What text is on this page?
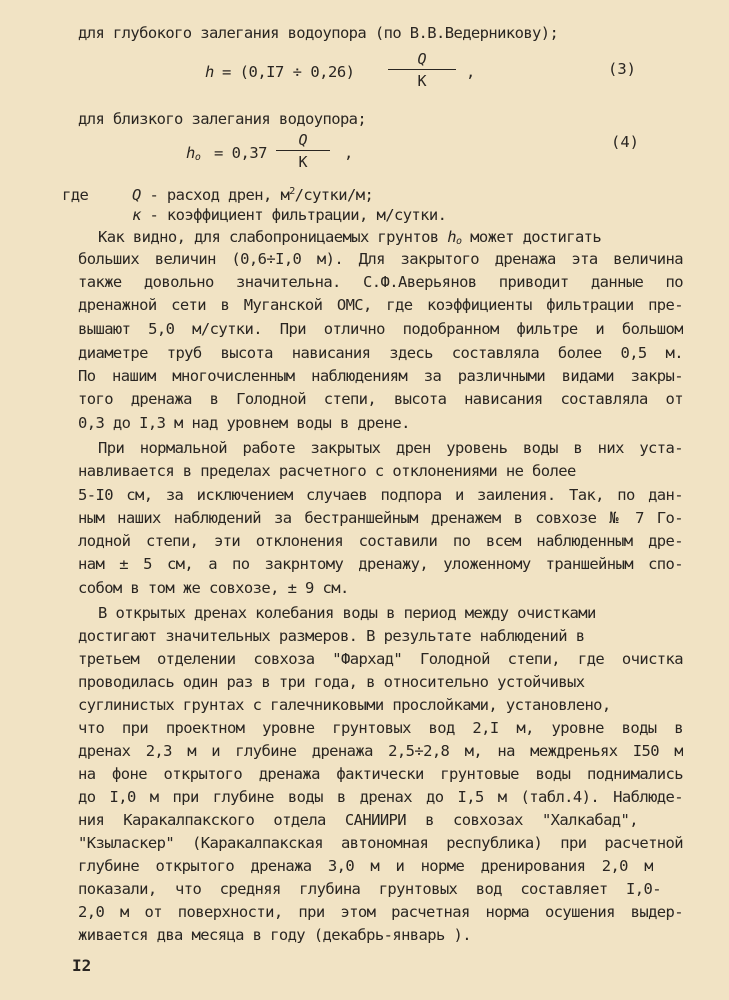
для глубокого залегания водоупора (по В.В.Ведерникову);
h = (0,I7 ÷ 0,26)
Q
К	,	(3)
для близкого залегания водоупора;
$h_o = 0,37$
Q
К	,
(4)
где	Q - расход дрен, $м^2/сутки/м$;
к - коэффициент фильтрации, м/сутки.
Как видно, для слабопроницаемых грунтов $h_o$ может достигать
больших величин (0,6÷I,0 м). Для закрытого дренажа эта величина
также довольно значительна. С.Ф.Аверьянов приводит данные по
дренажной сети в Муганской ОМС, где коэффициенты фильтрации пре-
вышают 5,0 м/сутки. При отлично подобранном фильтре и большом
диаметре труб высота нависания здесь составляла более 0,5 м.
По нашим многочисленным наблюдениям за различными видами закры-
того дренажа в Голодной степи, высота нависания составляла от
0,3 до I,3 м над уровнем воды в дрене.
При нормальной работе закрытых дрен уровень воды в них уста-
навливается в пределах расчетного с отклонениями не более
5-I0 см, за исключением случаев подпора и заиления. Так, по дан-
ным наших наблюдений за бестраншейным дренажем в совхозе № 7 Го-
лодной степи, эти отклонения составили по всем наблюденным дре-
нам ± 5 см, а по закрнтому дренажу, уложенному траншейным спо-
собом в том же совхозе, ± 9 см.
В открытых дренах колебания воды в период между очистками
достигают значительных размеров. В результате наблюдений в
третьем отделении совхоза "Фархад" Голодной степи, где очистка
проводилась один раз в три года, в относительно устойчивых
суглинистых грунтах с галечниковыми прослойками, установлено,
что при проектном уровне грунтовых вод 2,I м, уровне воды в
дренах 2,3 м и глубине дренажа 2,5÷2,8 м, на междреньях I50 м
на фоне открытого дренажа фактически грунтовые воды поднимались
до I,0 м при глубине воды в дренах до I,5 м (табл.4). Наблюде-
ния Каракалпакского отдела САНИИРИ в совхозах "Халкабад",
"Кзыласкер" (Каракалпакская автономная республика) при расчетной
глубине открытого дренажа 3,0 м и норме дренирования 2,0 м
показали, что средняя глубина грунтовых вод составляет I,0-
2,0 м от поверхности, при этом расчетная норма осушения выдер-
живается два месяца в году (декабрь-январь ).
I2
